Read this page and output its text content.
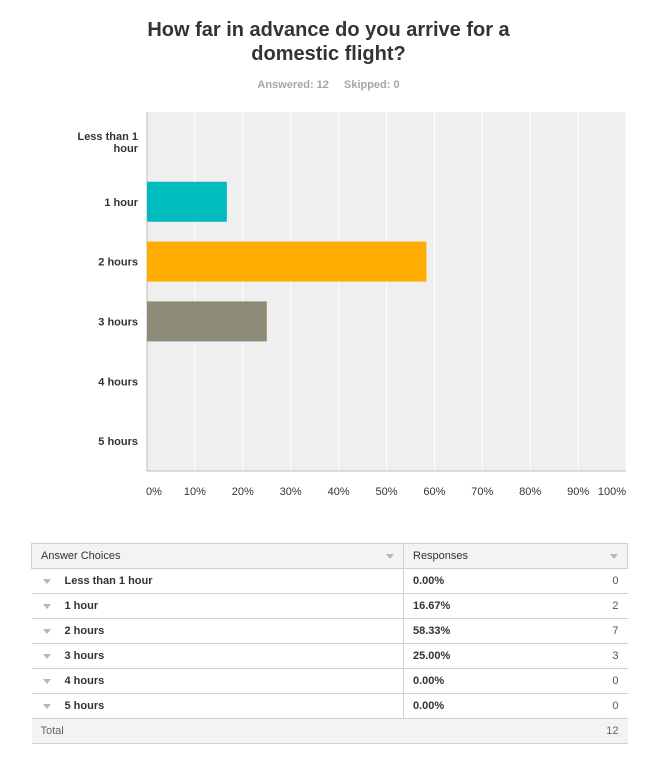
How far in advance do you arrive for a
domestic flight?
Answered: 12 Skipped: 0
0% 10% 20% 30% 40% 50% 60% 70% 80% 90% 100%
Less than 1 hour
1 hour
2 hours
3 hours
4 hours
5 hours
Answer Choices	Responses	

Less than 1 hour	0.00%	0
1 hour	16.67%	2
2 hours	58.33%	7
3 hours	25.00%	3
4 hours	0.00%	0
5 hours	0.00%	0
Total		12
